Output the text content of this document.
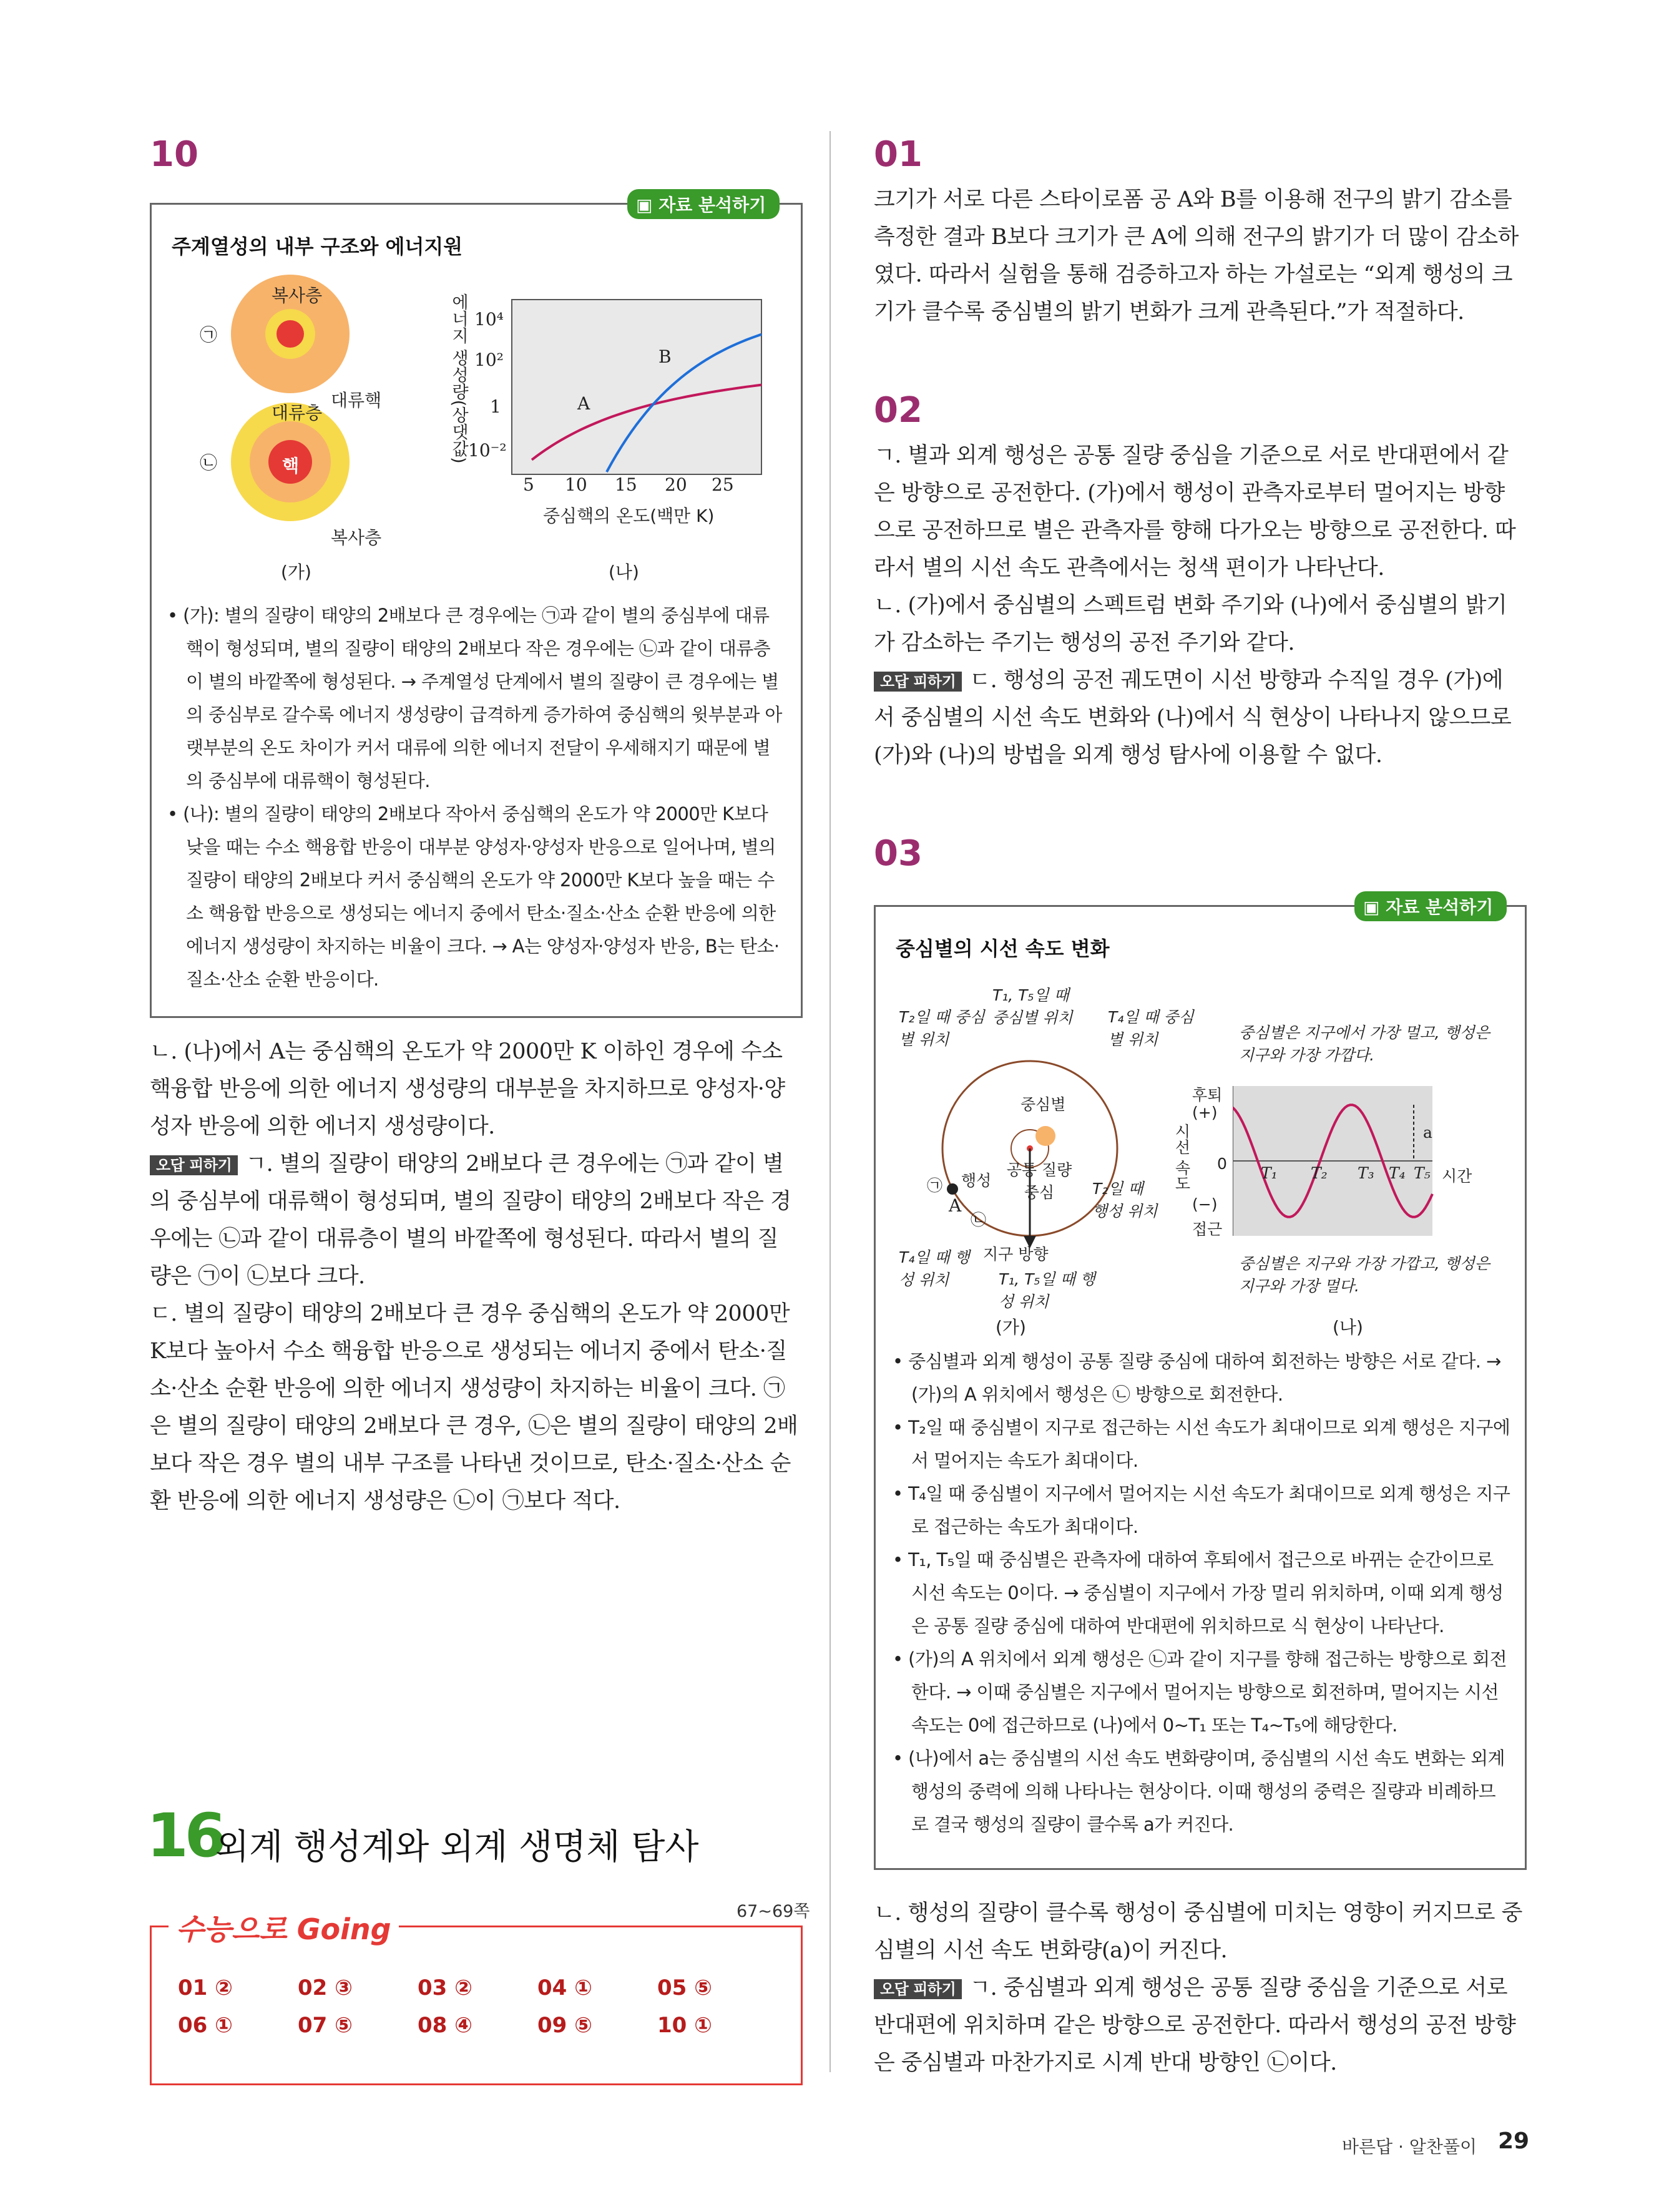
10
▣ 자료 분석하기
주계열성의 내부 구조와 에너지원
㉠
㉡
복사층
대류핵
대류층
핵
복사층
(가)
에너지 생성량(상댓값) 10⁴
10²
1
10⁻²
5 10 15 20 25
A
B
중심핵의 온도(백만 K)
(나)

• (가): 별의 질량이 태양의 2배보다 큰 경우에는 ㉠과 같이 별의 중심부에 대류핵이 형성되며, 별의 질량이 태양의 2배보다 작은 경우에는 ㉡과 같이 대류층이 별의 바깥쪽에 형성된다. → 주계열성 단계에서 별의 질량이 큰 경우에는 별의 중심부로 갈수록 에너지 생성량이 급격하게 증가하여 중심핵의 윗부분과 아랫부분의 온도 차이가 커서 대류에 의한 에너지 전달이 우세해지기 때문에 별의 중심부에 대류핵이 형성된다.

• (나): 별의 질량이 태양의 2배보다 작아서 중심핵의 온도가 약 2000만 K보다 낮을 때는 수소 핵융합 반응이 대부분 양성자·양성자 반응으로 일어나며, 별의 질량이 태양의 2배보다 커서 중심핵의 온도가 약 2000만 K보다 높을 때는 수소 핵융합 반응으로 생성되는 에너지 중에서 탄소·질소·산소 순환 반응에 의한 에너지 생성량이 차지하는 비율이 크다. → A는 양성자·양성자 반응, B는 탄소·질소·산소 순환 반응이다.

ㄴ. (나)에서 A는 중심핵의 온도가 약 2000만 K 이하인 경우에 수소 핵융합 반응에 의한 에너지 생성량의 대부분을 차지하므로 양성자·양성자 반응에 의한 에너지 생성량이다.

오답 피하기 ㄱ. 별의 질량이 태양의 2배보다 큰 경우에는 ㉠과 같이 별의 중심부에 대류핵이 형성되며, 별의 질량이 태양의 2배보다 작은 경우에는 ㉡과 같이 대류층이 별의 바깥쪽에 형성된다. 따라서 별의 질량은 ㉠이 ㉡보다 크다.

ㄷ. 별의 질량이 태양의 2배보다 큰 경우 중심핵의 온도가 약 2000만 K보다 높아서 수소 핵융합 반응으로 생성되는 에너지 중에서 탄소·질소·산소 순환 반응에 의한 에너지 생성량이 차지하는 비율이 크다. ㉠은 별의 질량이 태양의 2배보다 큰 경우, ㉡은 별의 질량이 태양의 2배보다 작은 경우 별의 내부 구조를 나타낸 것이므로, 탄소·질소·산소 순환 반응에 의한 에너지 생성량은 ㉡이 ㉠보다 적다.

16
외계 행성계와 외계 생명체 탐사
수능으로 Going
67~69쪽
01 ②	02 ③	03 ②	04 ①	05 ⑤
06 ①	07 ⑤	08 ④	09 ⑤	10 ①
01
크기가 서로 다른 스타이로폼 공 A와 B를 이용해 전구의 밝기 감소를 측정한 결과 B보다 크기가 큰 A에 의해 전구의 밝기가 더 많이 감소하였다. 따라서 실험을 통해 검증하고자 하는 가설로는 “외계 행성의 크기가 클수록 중심별의 밝기 변화가 크게 관측된다.”가 적절하다.
02

ㄱ. 별과 외계 행성은 공통 질량 중심을 기준으로 서로 반대편에서 같은 방향으로 공전한다. (가)에서 행성이 관측자로부터 멀어지는 방향으로 공전하므로 별은 관측자를 향해 다가오는 방향으로 공전한다. 따라서 별의 시선 속도 관측에서는 청색 편이가 나타난다.

ㄴ. (가)에서 중심별의 스펙트럼 변화 주기와 (나)에서 중심별의 밝기가 감소하는 주기는 행성의 공전 주기와 같다.

오답 피하기 ㄷ. 행성의 공전 궤도면이 시선 방향과 수직일 경우 (가)에서 중심별의 시선 속도 변화와 (나)에서 식 현상이 나타나지 않으므로 (가)와 (나)의 방법을 외계 행성 탐사에 이용할 수 없다.

03
▣ 자료 분석하기
중심별의 시선 속도 변화
T₂일 때 중심별 위치
T₁, T₅일 때 중심별 위치	T₄일 때 중심별 위치
중심별
행성
공통 질량 중심
A
㉠
㉡
지구 방향
T₂일 때 행성 위치
T₄일 때 행성 위치	T₁, T₅일 때 행성 위치
(가)
중심별은 지구에서 가장 멀고, 행성은 지구와 가장 가깝다.
후퇴
(+)
시선 속도 0
(−)
접근
a
T₁ T₂ T₃ T₄ T₅ 시간
중심별은 지구와 가장 가깝고, 행성은 지구와 가장 멀다.
(나)

• 중심별과 외계 행성이 공통 질량 중심에 대하여 회전하는 방향은 서로 같다. → (가)의 A 위치에서 행성은 ㉡ 방향으로 회전한다.

• T₂일 때 중심별이 지구로 접근하는 시선 속도가 최대이므로 외계 행성은 지구에서 멀어지는 속도가 최대이다.

• T₄일 때 중심별이 지구에서 멀어지는 시선 속도가 최대이므로 외계 행성은 지구로 접근하는 속도가 최대이다.

• T₁, T₅일 때 중심별은 관측자에 대하여 후퇴에서 접근으로 바뀌는 순간이므로 시선 속도는 0이다. → 중심별이 지구에서 가장 멀리 위치하며, 이때 외계 행성은 공통 질량 중심에 대하여 반대편에 위치하므로 식 현상이 나타난다.

• (가)의 A 위치에서 외계 행성은 ㉡과 같이 지구를 향해 접근하는 방향으로 회전한다. → 이때 중심별은 지구에서 멀어지는 방향으로 회전하며, 멀어지는 시선 속도는 0에 접근하므로 (나)에서 0~T₁ 또는 T₄~T₅에 해당한다.

• (나)에서 a는 중심별의 시선 속도 변화량이며, 중심별의 시선 속도 변화는 외계 행성의 중력에 의해 나타나는 현상이다. 이때 행성의 중력은 질량과 비례하므로 결국 행성의 질량이 클수록 a가 커진다.

ㄴ. 행성의 질량이 클수록 행성이 중심별에 미치는 영향이 커지므로 중심별의 시선 속도 변화량(a)이 커진다.

오답 피하기 ㄱ. 중심별과 외계 행성은 공통 질량 중심을 기준으로 서로 반대편에 위치하며 같은 방향으로 공전한다. 따라서 행성의 공전 방향은 중심별과 마찬가지로 시계 반대 방향인 ㉡이다.

바른답 · 알찬풀이 29
